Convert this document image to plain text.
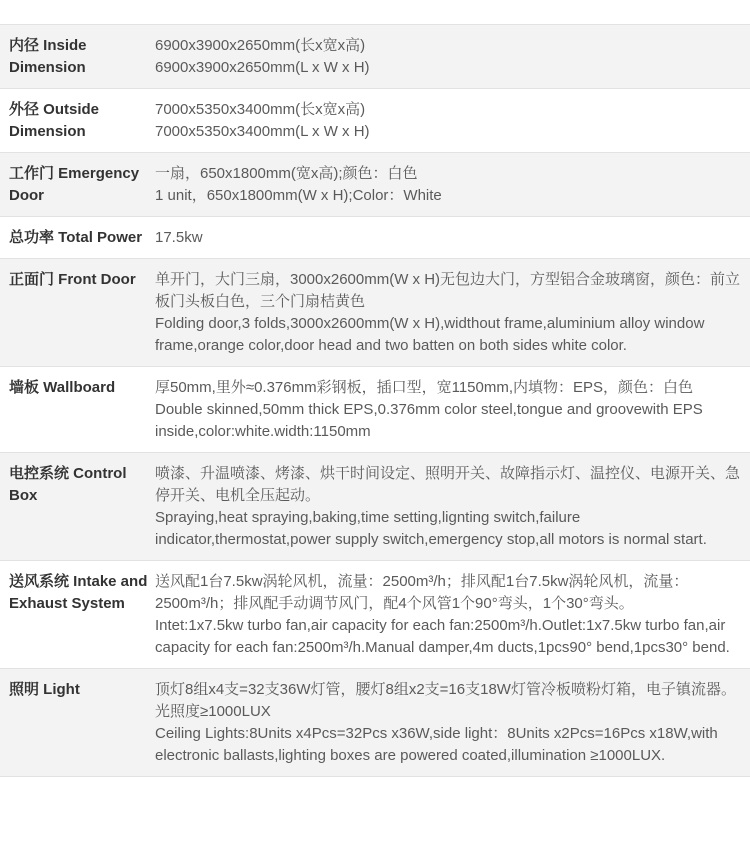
内径 Inside Dimension	6900x3900x2650mm(长x宽x高)
6900x3900x2650mm(L x W x H)

外径 Outside Dimension	7000x5350x3400mm(长x宽x高)
7000x5350x3400mm(L x W x H)

工作门 Emergency Door	一扇，650x1800mm(宽x高);颜色：白色
1 unit，650x1800mm(W x H);Color：White

总功率 Total Power	17.5kw

正面门 Front Door	单开门，大门三扇，3000x2600mm(W x H)无包边大门，方型铝合金玻璃窗，颜色：前立板门头板白色，三个门扇桔黄色
Folding door,3 folds,3000x2600mm(W x H),widthout frame,aluminium alloy window frame,orange color,door head and two batten on both sides white color.

墙板 Wallboard	厚50mm,里外≈0.376mm彩钢板，插口型，宽1150mm,内填物：EPS，颜色：白色
Double skinned,50mm thick EPS,0.376mm color steel,tongue and groovewith EPS inside,color:white.width:1150mm

电控系统 Control Box	喷漆、升温喷漆、烤漆、烘干时间设定、照明开关、故障指示灯、温控仪、电源开关、急停开关、电机全压起动。
Spraying,heat spraying,baking,time setting,lignting switch,failure indicator,thermostat,power supply switch,emergency stop,all motors is normal start.

送风系统 Intake and Exhaust System	送风配1台7.5kw涡轮风机，流量：2500m³/h；排风配1台7.5kw涡轮风机，流量：2500m³/h；排风配手动调节风门，配4个风管1个90°弯头，1个30°弯头。
Intet:1x7.5kw turbo fan,air capacity for each fan:2500m³/h.Outlet:1x7.5kw turbo fan,air capacity for each fan:2500m³/h.Manual damper,4m ducts,1pcs90° bend,1pcs30° bend.

照明 Light	顶灯8组x4支=32支36W灯管，腰灯8组x2支=16支18W灯管冷板喷粉灯箱，电子镇流器。光照度≥1000LUX
Ceiling Lights:8Units x4Pcs=32Pcs x36W,side light：8Units x2Pcs=16Pcs x18W,with electronic ballasts,lighting boxes are powered coated,illumination ≥1000LUX.
